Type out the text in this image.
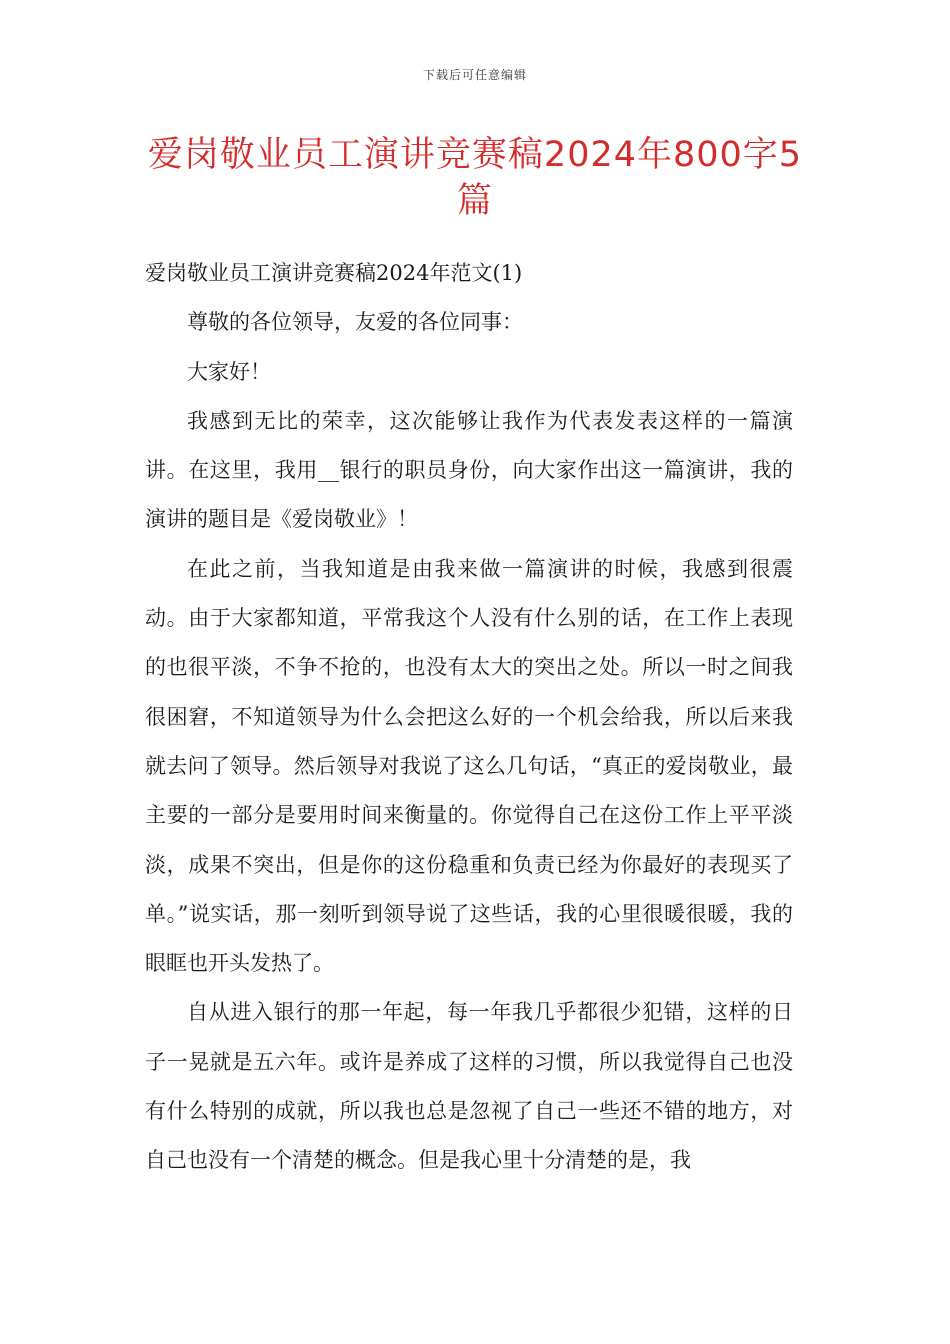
下载后可任意编辑
爱岗敬业员工演讲竞赛稿2024年800字5篇

爱岗敬业员工演讲竞赛稿2024年范文(1)

尊敬的各位领导，友爱的各位同事：

大家好！

我感到无比的荣幸，这次能够让我作为代表发表这样的一篇演讲。在这里，我用__银行的职员身份，向大家作出这一篇演讲，我的演讲的题目是《爱岗敬业》！

在此之前，当我知道是由我来做一篇演讲的时候，我感到很震动。由于大家都知道，平常我这个人没有什么别的话，在工作上表现的也很平淡，不争不抢的，也没有太大的突出之处。所以一时之间我很困窘，不知道领导为什么会把这么好的一个机会给我，所以后来我就去问了领导。然后领导对我说了这么几句话，“真正的爱岗敬业，最主要的一部分是要用时间来衡量的。你觉得自己在这份工作上平平淡淡，成果不突出，但是你的这份稳重和负责已经为你最好的表现买了单。”说实话，那一刻听到领导说了这些话，我的心里很暖很暖，我的眼眶也开头发热了。

自从进入银行的那一年起，每一年我几乎都很少犯错，这样的日子一晃就是五六年。或许是养成了这样的习惯，所以我觉得自己也没有什么特别的成就，所以我也总是忽视了自己一些还不错的地方，对自己也没有一个清楚的概念。但是我心里十分清楚的是，我
